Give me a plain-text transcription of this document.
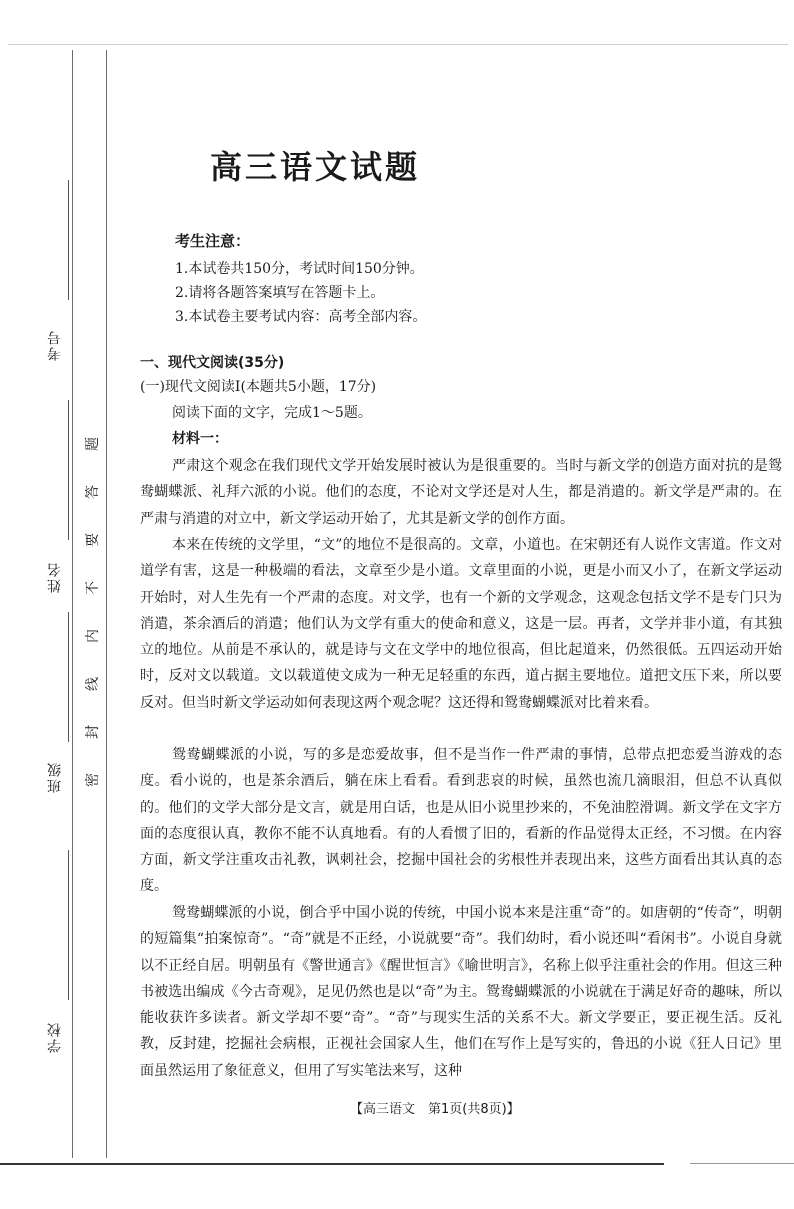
考号
姓名
班级
学校
密
封
线
内
不
要
答
题
高三语文试题
考生注意：
1.本试卷共150分，考试时间150分钟。
2.请将各题答案填写在答题卡上。
3.本试卷主要考试内容：高考全部内容。
一、现代文阅读(35分)
(一)现代文阅读Ⅰ(本题共5小题，17分)
阅读下面的文字，完成1～5题。
材料一：
严肃这个观念在我们现代文学开始发展时被认为是很重要的。当时与新文学的创造方面对抗的是鸳鸯蝴蝶派、礼拜六派的小说。他们的态度，不论对文学还是对人生，都是消遣的。新文学是严肃的。在严肃与消遣的对立中，新文学运动开始了，尤其是新文学的创作方面。
本来在传统的文学里，“文”的地位不是很高的。文章，小道也。在宋朝还有人说作文害道。作文对道学有害，这是一种极端的看法，文章至少是小道。文章里面的小说，更是小而又小了，在新文学运动开始时，对人生先有一个严肃的态度。对文学，也有一个新的文学观念，这观念包括文学不是专门只为消遣，茶余酒后的消遣；他们认为文学有重大的使命和意义，这是一层。再者，文学并非小道，有其独立的地位。从前是不承认的，就是诗与文在文学中的地位很高，但比起道来，仍然很低。五四运动开始时，反对文以载道。文以载道使文成为一种无足轻重的东西，道占据主要地位。道把文压下来，所以要反对。但当时新文学运动如何表现这两个观念呢？这还得和鸳鸯蝴蝶派对比着来看。
鸳鸯蝴蝶派的小说，写的多是恋爱故事，但不是当作一件严肃的事情，总带点把恋爱当游戏的态度。看小说的，也是茶余酒后，躺在床上看看。看到悲哀的时候，虽然也流几滴眼泪，但总不认真似的。他们的文学大部分是文言，就是用白话，也是从旧小说里抄来的，不免油腔滑调。新文学在文字方面的态度很认真，教你不能不认真地看。有的人看惯了旧的，看新的作品觉得太正经，不习惯。在内容方面，新文学注重攻击礼教，讽刺社会，挖掘中国社会的劣根性并表现出来，这些方面看出其认真的态度。
鸳鸯蝴蝶派的小说，倒合乎中国小说的传统，中国小说本来是注重“奇”的。如唐朝的“传奇”，明朝的短篇集“拍案惊奇”。“奇”就是不正经，小说就要“奇”。我们幼时，看小说还叫“看闲书”。小说自身就以不正经自居。明朝虽有《警世通言》《醒世恒言》《喻世明言》，名称上似乎注重社会的作用。但这三种书被选出编成《今古奇观》，足见仍然也是以“奇”为主。鸳鸯蝴蝶派的小说就在于满足好奇的趣味，所以能收获许多读者。新文学却不要“奇”。“奇”与现实生活的关系不大。新文学要正，要正视生活。反礼教，反封建，挖掘社会病根，正视社会国家人生，他们在写作上是写实的，鲁迅的小说《狂人日记》里面虽然运用了象征意义，但用了写实笔法来写，这种
【高三语文　第1页(共8页)】
